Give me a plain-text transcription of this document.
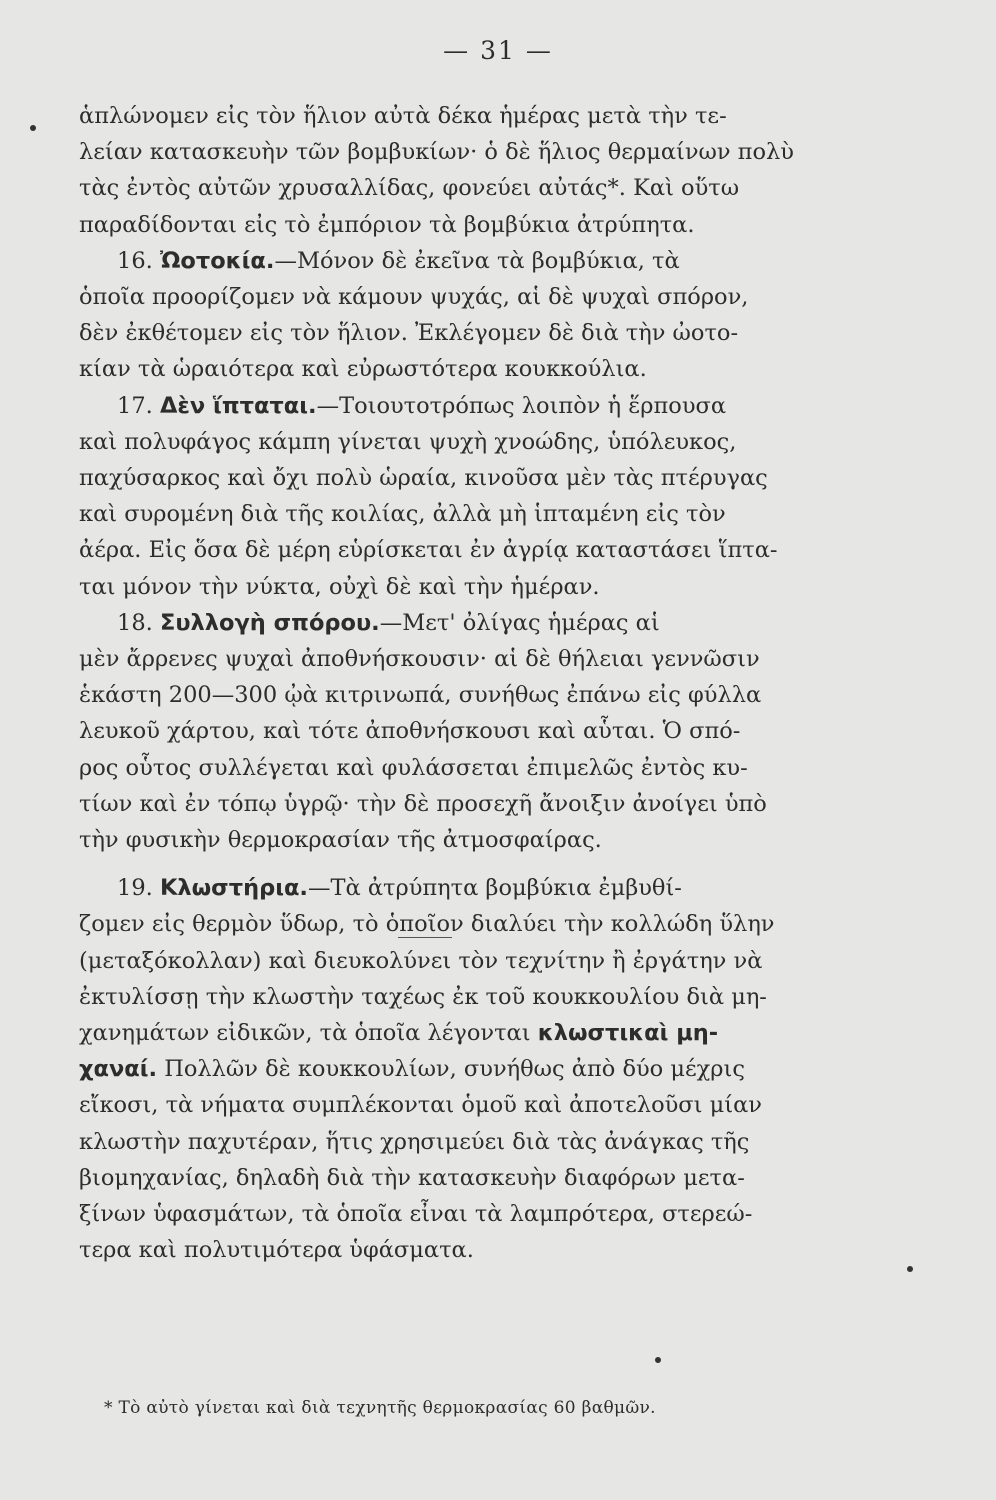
— 31 —
ἁπλώνομεν εἰς τὸν ἥλιον αὐτὰ δέκα ἡμέρας μετὰ τὴν τε-
λείαν κατασκευὴν τῶν βομβυκίων· ὁ δὲ ἥλιος θερμαίνων πολὺ
τὰς ἐντὸς αὐτῶν χρυσαλλίδας, φονεύει αὐτάς*. Καὶ οὕτω
παραδίδονται εἰς τὸ ἐμπόριον τὰ βομβύκια ἀτρύπητα.
16. Ὠοτοκία.—Μόνον δὲ ἐκεῖνα τὰ βομβύκια, τὰ
ὁποῖα προορίζομεν νὰ κάμουν ψυχάς, αἱ δὲ ψυχαὶ σπόρον,
δὲν ἐκθέτομεν εἰς τὸν ἥλιον. Ἐκλέγομεν δὲ διὰ τὴν ὠοτο-
κίαν τὰ ὡραιότερα καὶ εὐρωστότερα κουκκούλια.
17. Δὲν ἵπταται.—Τοιουτοτρόπως λοιπὸν ἡ ἕρπουσα
καὶ πολυφάγος κάμπη γίνεται ψυχὴ χνοώδης, ὑπόλευκος,
παχύσαρκος καὶ ὄχι πολὺ ὡραία, κινοῦσα μὲν τὰς πτέρυγας
καὶ συρομένη διὰ τῆς κοιλίας, ἀλλὰ μὴ ἱπταμένη εἰς τὸν
ἀέρα. Εἰς ὅσα δὲ μέρη εὑρίσκεται ἐν ἀγρίᾳ καταστάσει ἵπτα-
ται μόνον τὴν νύκτα, οὐχὶ δὲ καὶ τὴν ἡμέραν.
18. Συλλογὴ σπόρου.—Μετ' ὀλίγας ἡμέρας αἱ
μὲν ἄρρενες ψυχαὶ ἀποθνήσκουσιν· αἱ δὲ θήλειαι γεννῶσιν
ἑκάστη 200—300 ᾠὰ κιτρινωπά, συνήθως ἐπάνω εἰς φύλλα
λευκοῦ χάρτου, καὶ τότε ἀποθνήσκουσι καὶ αὗται. Ὁ σπό-
ρος οὗτος συλλέγεται καὶ φυλάσσεται ἐπιμελῶς ἐντὸς κυ-
τίων καὶ ἐν τόπῳ ὑγρῷ· τὴν δὲ προσεχῆ ἄνοιξιν ἀνοίγει ὑπὸ
τὴν φυσικὴν θερμοκρασίαν τῆς ἀτμοσφαίρας.
19. Κλωστήρια.—Τὰ ἀτρύπητα βομβύκια ἐμβυθί-
ζομεν εἰς θερμὸν ὕδωρ, τὸ ὁποῖον διαλύει τὴν κολλώδη ὕλην
(μεταξόκολλαν) καὶ διευκολύνει τὸν τεχνίτην ἢ ἐργάτην νὰ
ἐκτυλίσσῃ τὴν κλωστὴν ταχέως ἐκ τοῦ κουκκουλίου διὰ μη-
χανημάτων εἰδικῶν, τὰ ὁποῖα λέγονται κλωστικαὶ μη-
χαναί. Πολλῶν δὲ κουκκουλίων, συνήθως ἀπὸ δύο μέχρις
εἴκοσι, τὰ νήματα συμπλέκονται ὁμοῦ καὶ ἀποτελοῦσι μίαν
κλωστὴν παχυτέραν, ἥτις χρησιμεύει διὰ τὰς ἀνάγκας τῆς
βιομηχανίας, δηλαδὴ διὰ τὴν κατασκευὴν διαφόρων μετα-
ξίνων ὑφασμάτων, τὰ ὁποῖα εἶναι τὰ λαμπρότερα, στερεώ-
τερα καὶ πολυτιμότερα ὑφάσματα.
* Τὸ αὐτὸ γίνεται καὶ διὰ τεχνητῆς θερμοκρασίας 60 βαθμῶν.
